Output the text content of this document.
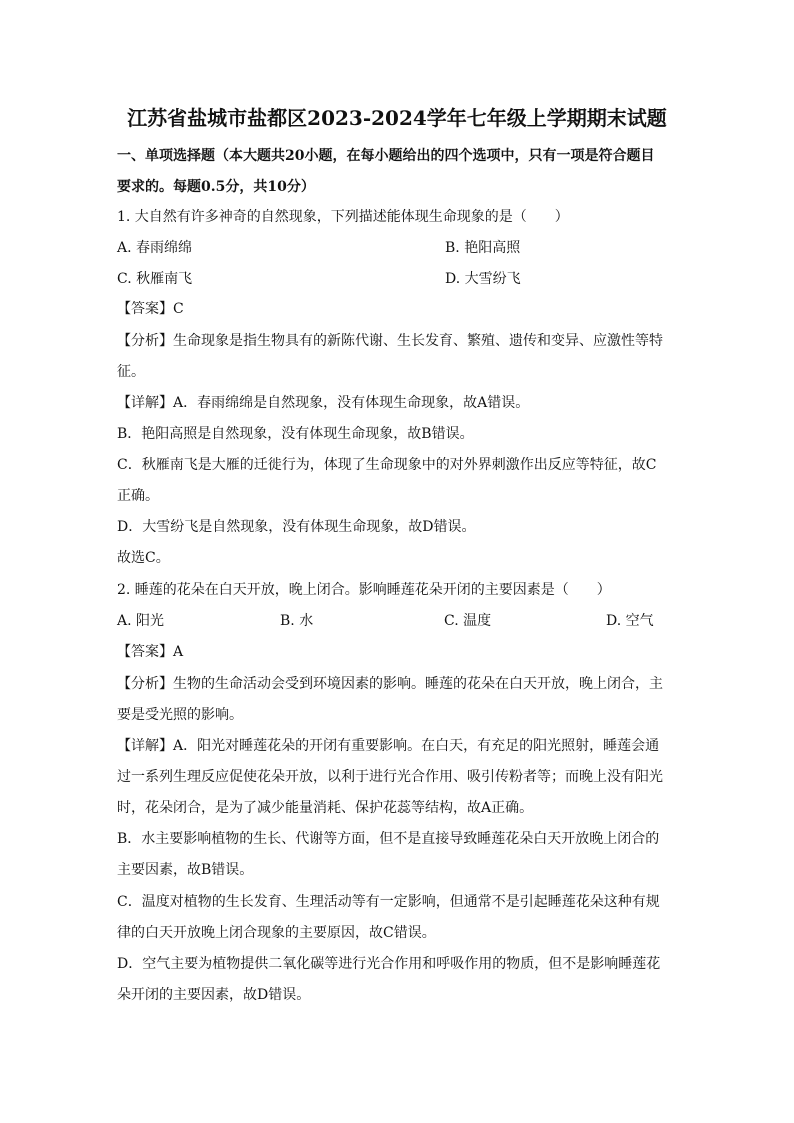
江苏省盐城市盐都区2023-2024学年七年级上学期期末试题
一、单项选择题（本大题共20小题，在每小题给出的四个选项中，只有一项是符合题目
要求的。每题0.5分，共10分）
1. 大自然有许多神奇的自然现象，下列描述能体现生命现象的是（　　）
A. 春雨绵绵	B. 艳阳高照
C. 秋雁南飞	D. 大雪纷飞
【答案】C
【分析】生命现象是指生物具有的新陈代谢、生长发育、繁殖、遗传和变异、应激性等特
征。
【详解】A．春雨绵绵是自然现象，没有体现生命现象，故A错误。
B．艳阳高照是自然现象，没有体现生命现象，故B错误。
C．秋雁南飞是大雁的迁徙行为，体现了生命现象中的对外界刺激作出反应等特征，故C
正确。
D．大雪纷飞是自然现象，没有体现生命现象，故D错误。
故选C。
2. 睡莲的花朵在白天开放，晚上闭合。影响睡莲花朵开闭的主要因素是（　　）
A. 阳光	B. 水	C. 温度	D. 空气
【答案】A
【分析】生物的生命活动会受到环境因素的影响。睡莲的花朵在白天开放，晚上闭合，主
要是受光照的影响。
【详解】A．阳光对睡莲花朵的开闭有重要影响。在白天，有充足的阳光照射，睡莲会通
过一系列生理反应促使花朵开放，以利于进行光合作用、吸引传粉者等；而晚上没有阳光
时，花朵闭合，是为了减少能量消耗、保护花蕊等结构，故A正确。
B．水主要影响植物的生长、代谢等方面，但不是直接导致睡莲花朵白天开放晚上闭合的
主要因素，故B错误。
C．温度对植物的生长发育、生理活动等有一定影响，但通常不是引起睡莲花朵这种有规
律的白天开放晚上闭合现象的主要原因，故C错误。
D．空气主要为植物提供二氧化碳等进行光合作用和呼吸作用的物质，但不是影响睡莲花
朵开闭的主要因素，故D错误。
